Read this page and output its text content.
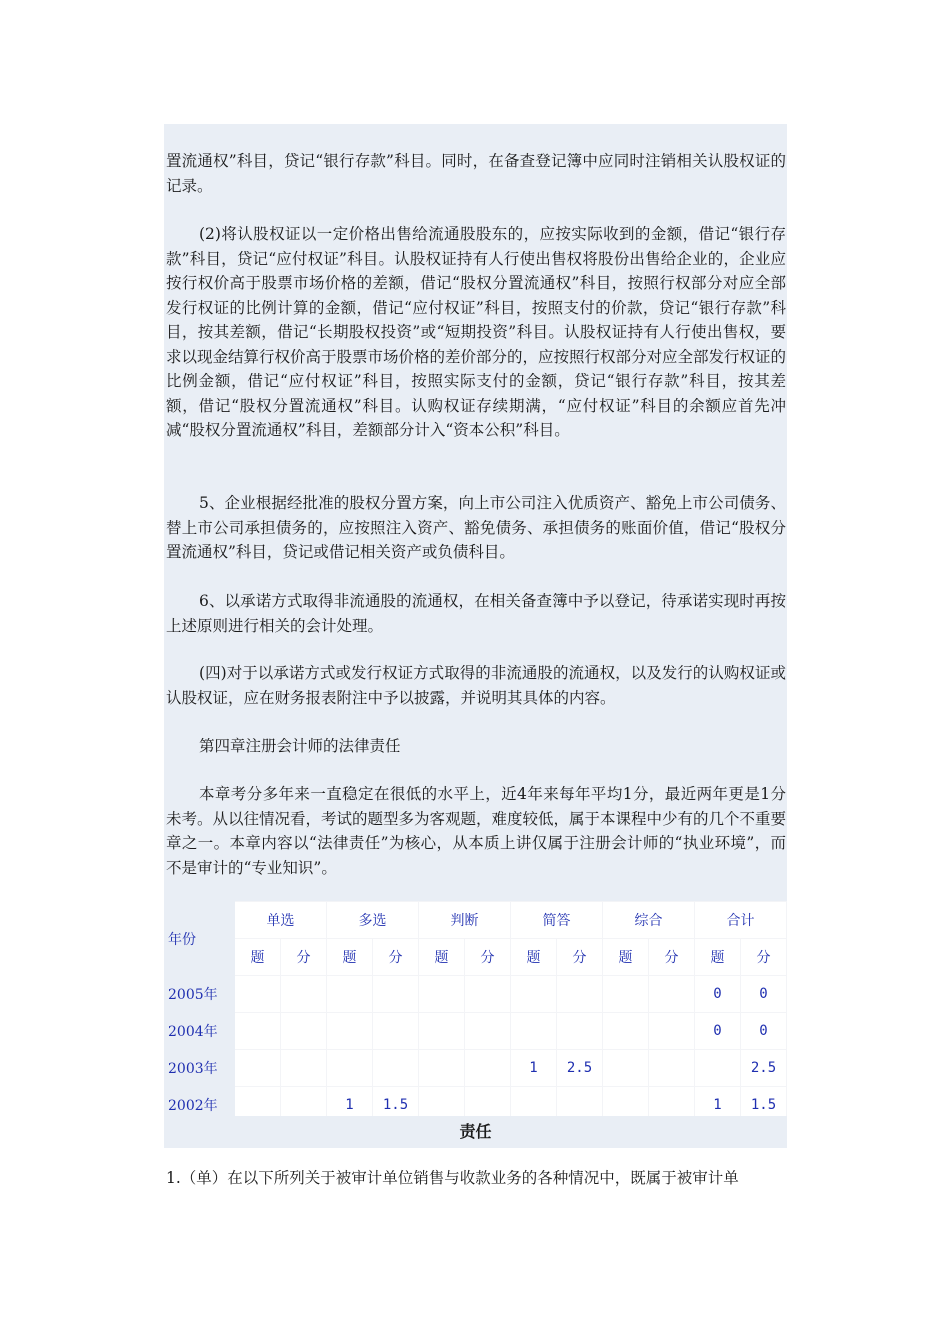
置流通权”科目，贷记“银行存款”科目。同时，在备查登记簿中应同时注销相关认股权证的记录。

(2)将认股权证以一定价格出售给流通股股东的，应按实际收到的金额，借记“银行存款”科目，贷记“应付权证”科目。认股权证持有人行使出售权将股份出售给企业的，企业应按行权价高于股票市场价格的差额，借记“股权分置流通权”科目，按照行权部分对应全部发行权证的比例计算的金额，借记“应付权证”科目，按照支付的价款，贷记“银行存款”科目，按其差额，借记“长期股权投资”或“短期投资”科目。认股权证持有人行使出售权，要求以现金结算行权价高于股票市场价格的差价部分的，应按照行权部分对应全部发行权证的比例金额，借记“应付权证”科目，按照实际支付的金额，贷记“银行存款”科目，按其差额，借记“股权分置流通权”科目。认购权证存续期满，“应付权证”科目的余额应首先冲减“股权分置流通权”科目，差额部分计入“资本公积”科目。

5、企业根据经批准的股权分置方案，向上市公司注入优质资产、豁免上市公司债务、替上市公司承担债务的，应按照注入资产、豁免债务、承担债务的账面价值，借记“股权分置流通权”科目，贷记或借记相关资产或负债科目。

6、以承诺方式取得非流通股的流通权，在相关备查簿中予以登记，待承诺实现时再按上述原则进行相关的会计处理。

(四)对于以承诺方式或发行权证方式取得的非流通股的流通权，以及发行的认购权证或认股权证，应在财务报表附注中予以披露，并说明其具体的内容。

第四章注册会计师的法律责任

本章考分多年来一直稳定在很低的水平上，近4年来每年平均1分，最近两年更是1分未考。从以往情况看，考试的题型多为客观题，难度较低，属于本课程中少有的几个不重要章之一。本章内容以“法律责任”为核心，从本质上讲仅属于注册会计师的“执业环境”，而不是审计的“专业知识”。

年份	单选		多选		判断		简答		综合		合计	
	题	分	题	分	题	分	题	分	题	分	题	分
2005年											0	0
2004年											0	0
2003年							1	2.5				2.5
2002年			1	1.5							1	1.5
责任

1.（单）在以下所列关于被审计单位销售与收款业务的各种情况中，既属于被审计单
